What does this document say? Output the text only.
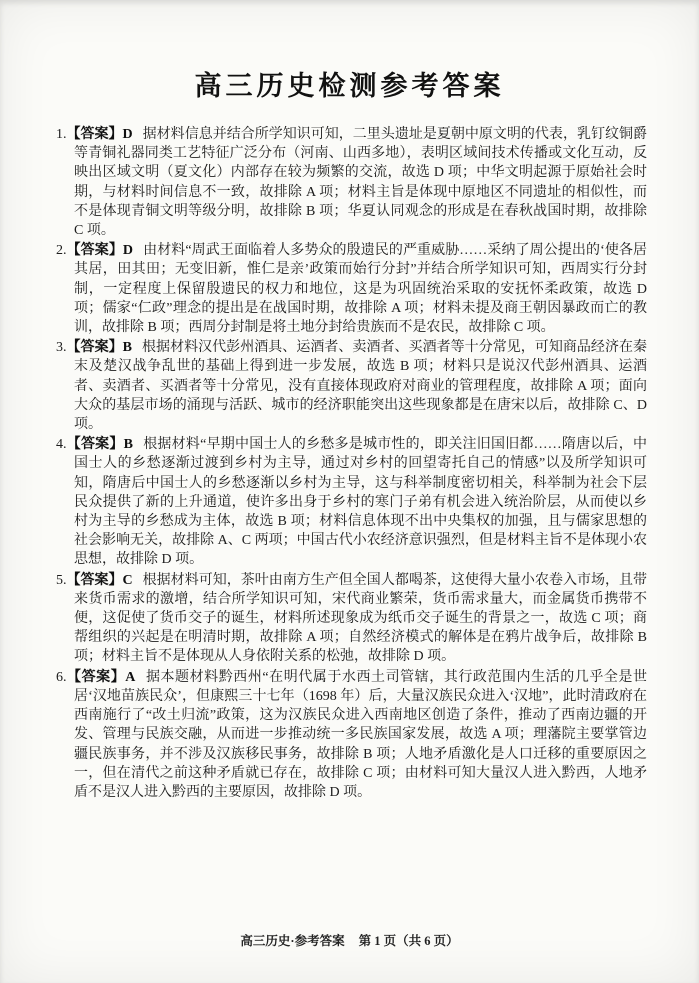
高三历史检测参考答案

1.【答案】D 据材料信息并结合所学知识可知，二里头遗址是夏朝中原文明的代表，乳钉纹铜爵等青铜礼器同类工艺特征广泛分布（河南、山西多地），表明区域间技术传播或文化互动，反映出区域文明（夏文化）内部存在较为频繁的交流，故选 D 项；中华文明起源于原始社会时期，与材料时间信息不一致，故排除 A 项；材料主旨是体现中原地区不同遗址的相似性，而不是体现青铜文明等级分明，故排除 B 项；华夏认同观念的形成是在春秋战国时期，故排除 C 项。

2.【答案】D 由材料“周武王面临着人多势众的殷遗民的严重威胁……采纳了周公提出的‘使各居其居，田其田；无变旧新，惟仁是亲’政策而始行分封”并结合所学知识可知，西周实行分封制，一定程度上保留殷遗民的权力和地位，这是为巩固统治采取的安抚怀柔政策，故选 D 项；儒家“仁政”理念的提出是在战国时期，故排除 A 项；材料未提及商王朝因暴政而亡的教训，故排除 B 项；西周分封制是将土地分封给贵族而不是农民，故排除 C 项。

3.【答案】B 根据材料汉代彭州酒具、运酒者、卖酒者、买酒者等十分常见，可知商品经济在秦末及楚汉战争乱世的基础上得到进一步发展，故选 B 项；材料只是说汉代彭州酒具、运酒者、卖酒者、买酒者等十分常见，没有直接体现政府对商业的管理程度，故排除 A 项；面向大众的基层市场的涌现与活跃、城市的经济职能突出这些现象都是在唐宋以后，故排除 C、D 项。

4.【答案】B 根据材料“早期中国士人的乡愁多是城市性的，即关注旧国旧都……隋唐以后，中国士人的乡愁逐渐过渡到乡村为主导，通过对乡村的回望寄托自己的情感”以及所学知识可知，隋唐后中国士人的乡愁逐渐以乡村为主导，这与科举制度密切相关，科举制为社会下层民众提供了新的上升通道，使许多出身于乡村的寒门子弟有机会进入统治阶层，从而使以乡村为主导的乡愁成为主体，故选 B 项；材料信息体现不出中央集权的加强，且与儒家思想的社会影响无关，故排除 A、C 两项；中国古代小农经济意识强烈，但是材料主旨不是体现小农思想，故排除 D 项。

5.【答案】C 根据材料可知，茶叶由南方生产但全国人都喝茶，这使得大量小农卷入市场，且带来货币需求的激增，结合所学知识可知，宋代商业繁荣，货币需求量大，而金属货币携带不便，这促使了货币交子的诞生，材料所述现象成为纸币交子诞生的背景之一，故选 C 项；商帮组织的兴起是在明清时期，故排除 A 项；自然经济模式的解体是在鸦片战争后，故排除 B 项；材料主旨不是体现从人身依附关系的松弛，故排除 D 项。

6.【答案】A 据本题材料黔西州“在明代属于水西土司管辖，其行政范围内生活的几乎全是世居‘汉地苗族民众’，但康熙三十七年（1698 年）后，大量汉族民众进入‘汉地”，此时清政府在西南施行了“改土归流”政策，这为汉族民众进入西南地区创造了条件，推动了西南边疆的开发、管理与民族交融，从而进一步推动统一多民族国家发展，故选 A 项；理藩院主要掌管边疆民族事务，并不涉及汉族移民事务，故排除 B 项；人地矛盾激化是人口迁移的重要原因之一，但在清代之前这种矛盾就已存在，故排除 C 项；由材料可知大量汉人进入黔西，人地矛盾不是汉人进入黔西的主要原因，故排除 D 项。

高三历史·参考答案 第 1 页（共 6 页）
